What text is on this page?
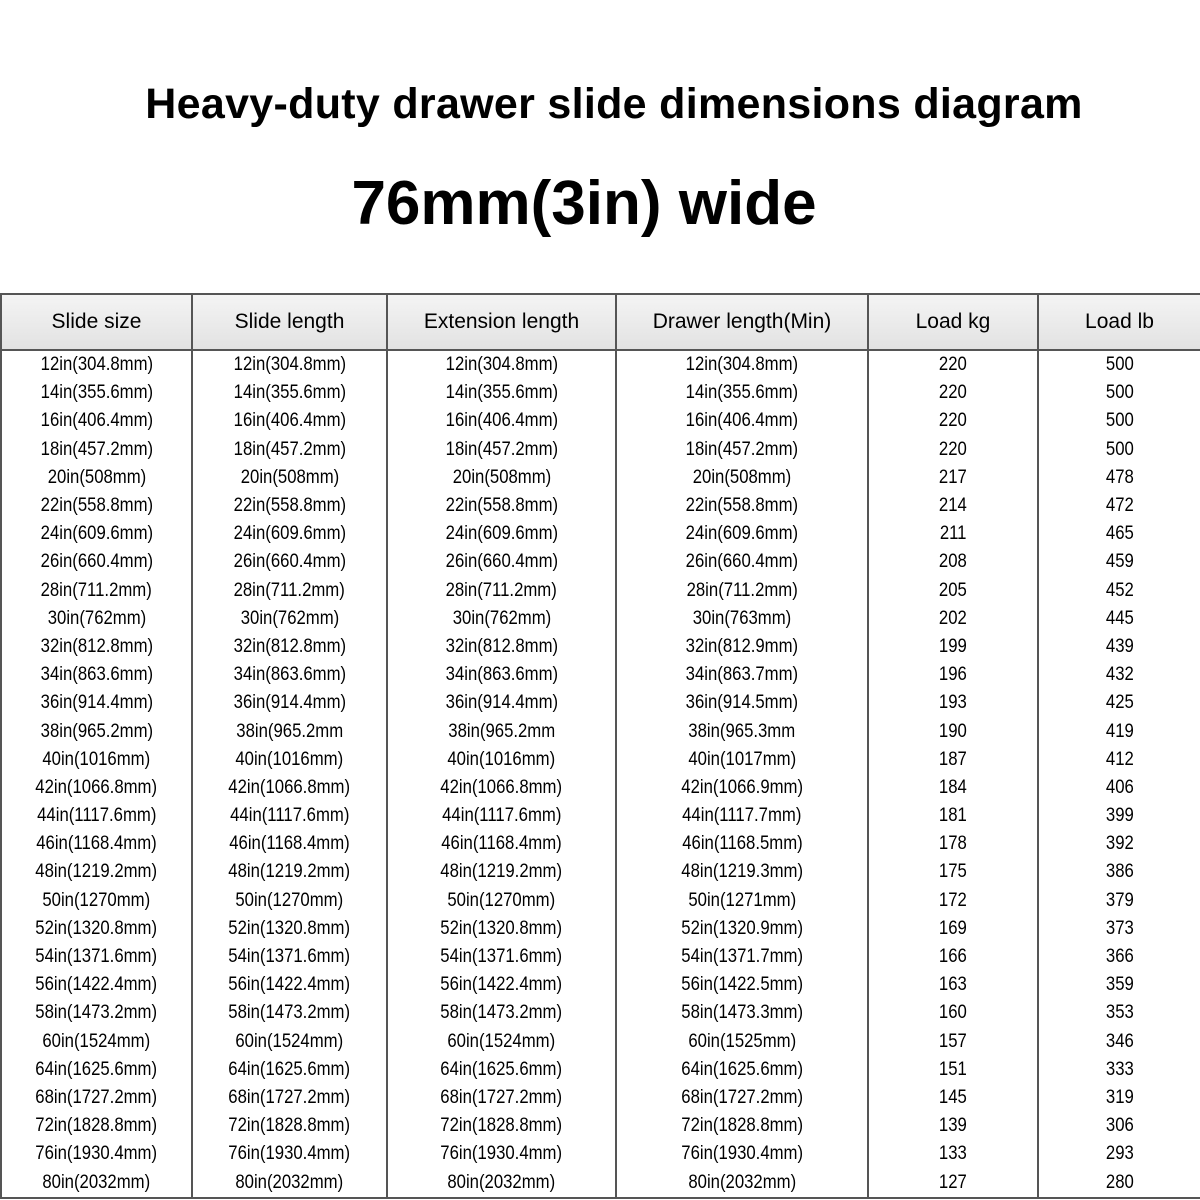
Heavy-duty drawer slide dimensions diagram
76mm(3in) wide
Slide size	Slide length	Extension length	Drawer length(Min)	Load kg	Load lb
12in(304.8mm)	12in(304.8mm)	12in(304.8mm)	12in(304.8mm)	220	500
14in(355.6mm)	14in(355.6mm)	14in(355.6mm)	14in(355.6mm)	220	500
16in(406.4mm)	16in(406.4mm)	16in(406.4mm)	16in(406.4mm)	220	500
18in(457.2mm)	18in(457.2mm)	18in(457.2mm)	18in(457.2mm)	220	500
20in(508mm)	20in(508mm)	20in(508mm)	20in(508mm)	217	478
22in(558.8mm)	22in(558.8mm)	22in(558.8mm)	22in(558.8mm)	214	472
24in(609.6mm)	24in(609.6mm)	24in(609.6mm)	24in(609.6mm)	211	465
26in(660.4mm)	26in(660.4mm)	26in(660.4mm)	26in(660.4mm)	208	459
28in(711.2mm)	28in(711.2mm)	28in(711.2mm)	28in(711.2mm)	205	452
30in(762mm)	30in(762mm)	30in(762mm)	30in(763mm)	202	445
32in(812.8mm)	32in(812.8mm)	32in(812.8mm)	32in(812.9mm)	199	439
34in(863.6mm)	34in(863.6mm)	34in(863.6mm)	34in(863.7mm)	196	432
36in(914.4mm)	36in(914.4mm)	36in(914.4mm)	36in(914.5mm)	193	425
38in(965.2mm)	38in(965.2mm	38in(965.2mm	38in(965.3mm	190	419
40in(1016mm)	40in(1016mm)	40in(1016mm)	40in(1017mm)	187	412
42in(1066.8mm)	42in(1066.8mm)	42in(1066.8mm)	42in(1066.9mm)	184	406
44in(1117.6mm)	44in(1117.6mm)	44in(1117.6mm)	44in(1117.7mm)	181	399
46in(1168.4mm)	46in(1168.4mm)	46in(1168.4mm)	46in(1168.5mm)	178	392
48in(1219.2mm)	48in(1219.2mm)	48in(1219.2mm)	48in(1219.3mm)	175	386
50in(1270mm)	50in(1270mm)	50in(1270mm)	50in(1271mm)	172	379
52in(1320.8mm)	52in(1320.8mm)	52in(1320.8mm)	52in(1320.9mm)	169	373
54in(1371.6mm)	54in(1371.6mm)	54in(1371.6mm)	54in(1371.7mm)	166	366
56in(1422.4mm)	56in(1422.4mm)	56in(1422.4mm)	56in(1422.5mm)	163	359
58in(1473.2mm)	58in(1473.2mm)	58in(1473.2mm)	58in(1473.3mm)	160	353
60in(1524mm)	60in(1524mm)	60in(1524mm)	60in(1525mm)	157	346
64in(1625.6mm)	64in(1625.6mm)	64in(1625.6mm)	64in(1625.6mm)	151	333
68in(1727.2mm)	68in(1727.2mm)	68in(1727.2mm)	68in(1727.2mm)	145	319
72in(1828.8mm)	72in(1828.8mm)	72in(1828.8mm)	72in(1828.8mm)	139	306
76in(1930.4mm)	76in(1930.4mm)	76in(1930.4mm)	76in(1930.4mm)	133	293
80in(2032mm)	80in(2032mm)	80in(2032mm)	80in(2032mm)	127	280
